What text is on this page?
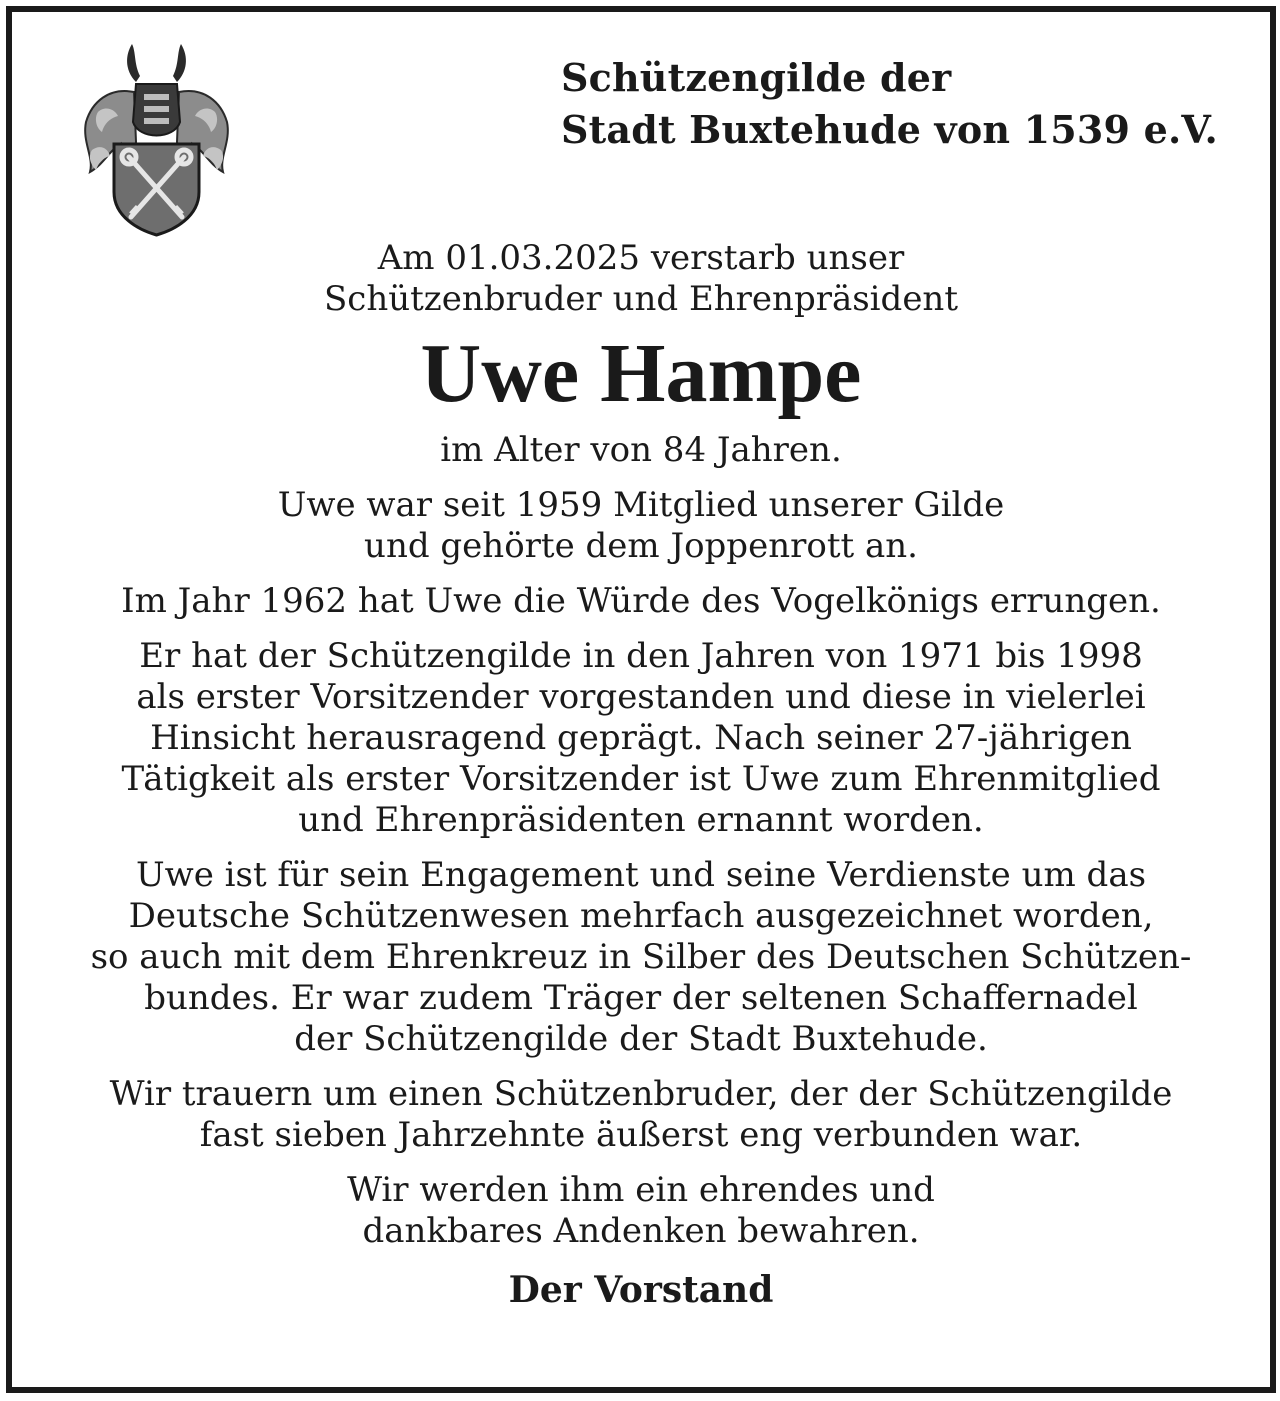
Schützengilde der
Stadt Buxtehude von 1539 e.V.
Am 01.03.2025 verstarb unser
Schützenbruder und Ehrenpräsident
Uwe Hampe
im Alter von 84 Jahren.
Uwe war seit 1959 Mitglied unserer Gilde
und gehörte dem Joppenrott an.
Im Jahr 1962 hat Uwe die Würde des Vogelkönigs errungen.
Er hat der Schützengilde in den Jahren von 1971 bis 1998
als erster Vorsitzender vorgestanden und diese in vielerlei
Hinsicht herausragend geprägt. Nach seiner 27-jährigen
Tätigkeit als erster Vorsitzender ist Uwe zum Ehrenmitglied
und Ehrenpräsidenten ernannt worden.
Uwe ist für sein Engagement und seine Verdienste um das
Deutsche Schützenwesen mehrfach ausgezeichnet worden,
so auch mit dem Ehrenkreuz in Silber des Deutschen Schützen-
bundes. Er war zudem Träger der seltenen Schaffernadel
der Schützengilde der Stadt Buxtehude.
Wir trauern um einen Schützenbruder, der der Schützengilde
fast sieben Jahrzehnte äußerst eng verbunden war.
Wir werden ihm ein ehrendes und
dankbares Andenken bewahren.
Der Vorstand
